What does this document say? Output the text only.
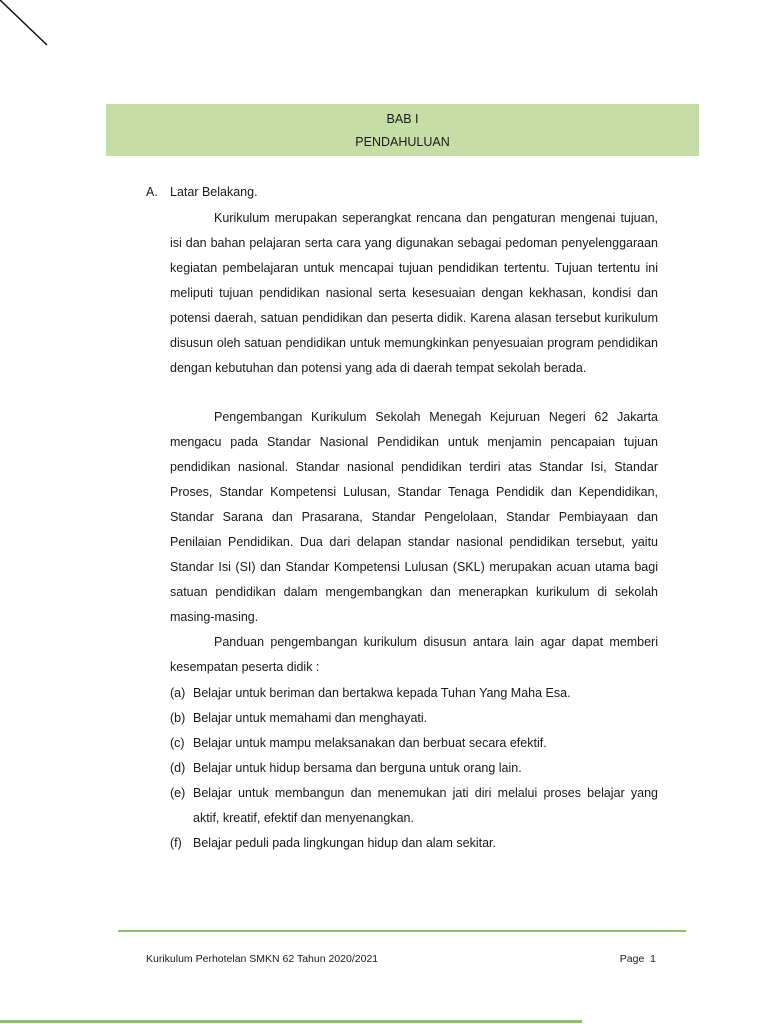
BAB I
PENDAHULUAN
A. Latar Belakang.

Kurikulum merupakan seperangkat rencana dan pengaturan mengenai tujuan, isi dan bahan pelajaran serta cara yang digunakan sebagai pedoman penyelenggaraan kegiatan pembelajaran untuk mencapai tujuan pendidikan tertentu. Tujuan tertentu ini meliputi tujuan pendidikan nasional serta kesesuaian dengan kekhasan, kondisi dan potensi daerah, satuan pendidikan dan peserta didik. Karena alasan tersebut kurikulum disusun oleh satuan pendidikan untuk memungkinkan penyesuaian program pendidikan dengan kebutuhan dan potensi yang ada di daerah tempat sekolah berada.

Pengembangan Kurikulum Sekolah Menegah Kejuruan Negeri 62 Jakarta mengacu pada Standar Nasional Pendidikan untuk menjamin pencapaian tujuan pendidikan nasional. Standar nasional pendidikan terdiri atas Standar Isi, Standar Proses, Standar Kompetensi Lulusan, Standar Tenaga Pendidik dan Kependidikan, Standar Sarana dan Prasarana, Standar Pengelolaan, Standar Pembiayaan dan Penilaian Pendidikan. Dua dari delapan standar nasional pendidikan tersebut, yaitu Standar Isi (SI) dan Standar Kompetensi Lulusan (SKL) merupakan acuan utama bagi satuan pendidikan dalam mengembangkan dan menerapkan kurikulum di sekolah masing-masing.

Panduan pengembangan kurikulum disusun antara lain agar dapat memberi kesempatan peserta didik :

(a) Belajar untuk beriman dan bertakwa kepada Tuhan Yang Maha Esa.
(b) Belajar untuk memahami dan menghayati.
(c) Belajar untuk mampu melaksanakan dan berbuat secara efektif.
(d) Belajar untuk hidup bersama dan berguna untuk orang lain.
(e) Belajar untuk membangun dan menemukan jati diri melalui proses belajar yang aktif, kreatif, efektif dan menyenangkan.
(f) Belajar peduli pada lingkungan hidup dan alam sekitar.
Kurikulum Perhotelan SMKN 62 Tahun 2020/2021	Page  1
